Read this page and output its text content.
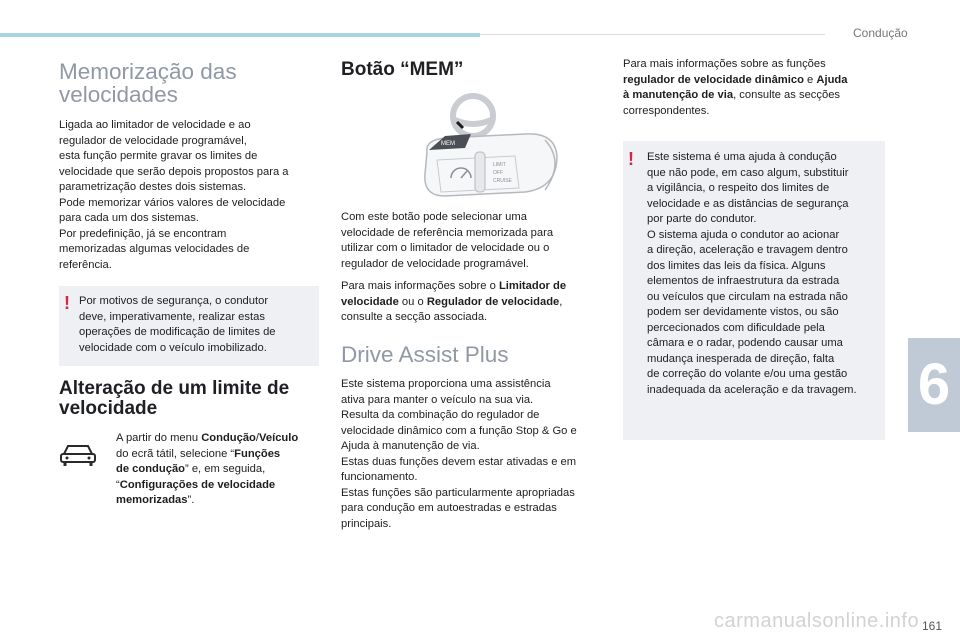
Condução
6
Memorização das
velocidades

Ligada ao limitador de velocidade e ao
regulador de velocidade programável,
esta função permite gravar os limites de
velocidade que serão depois propostos para a
parametrização destes dois sistemas.
Pode memorizar vários valores de velocidade
para cada um dos sistemas.
Por predefinição, já se encontram
memorizadas algumas velocidades de
referência.

! Por motivos de segurança, o condutor
deve, imperativamente, realizar estas
operações de modificação de limites de
velocidade com o veículo imobilizado.
Alteração de um limite de
velocidade
A partir do menu Condução/Veículo
do ecrã tátil, selecione “Funções
de condução” e, em seguida,
“Configurações de velocidade
memorizadas”.
Botão “MEM”
MEM
LIMIT
OFF
CRUISE
Com este botão pode selecionar uma
velocidade de referência memorizada para
utilizar com o limitador de velocidade ou o
regulador de velocidade programável.
Para mais informações sobre o Limitador de
velocidade ou o Regulador de velocidade,
consulte a secção associada.
Drive Assist Plus
Este sistema proporciona uma assistência
ativa para manter o veículo na sua via.
Resulta da combinação do regulador de
velocidade dinâmico com a função Stop & Go e
Ajuda à manutenção de via.
Estas duas funções devem estar ativadas e em
funcionamento.
Estas funções são particularmente apropriadas
para condução em autoestradas e estradas
principais.
Para mais informações sobre as funções
regulador de velocidade dinâmico e Ajuda
à manutenção de via, consulte as secções
correspondentes.
! Este sistema é uma ajuda à condução
que não pode, em caso algum, substituir
a vigilância, o respeito dos limites de
velocidade e as distâncias de segurança
por parte do condutor.
O sistema ajuda o condutor ao acionar
a direção, aceleração e travagem dentro
dos limites das leis da física. Alguns
elementos de infraestrutura da estrada
ou veículos que circulam na estrada não
podem ser devidamente vistos, ou são
percecionados com dificuldade pela
câmara e o radar, podendo causar uma
mudança inesperada de direção, falta
de correção do volante e/ou uma gestão
inadequada da aceleração e da travagem.
carmanualsonline.info 161
